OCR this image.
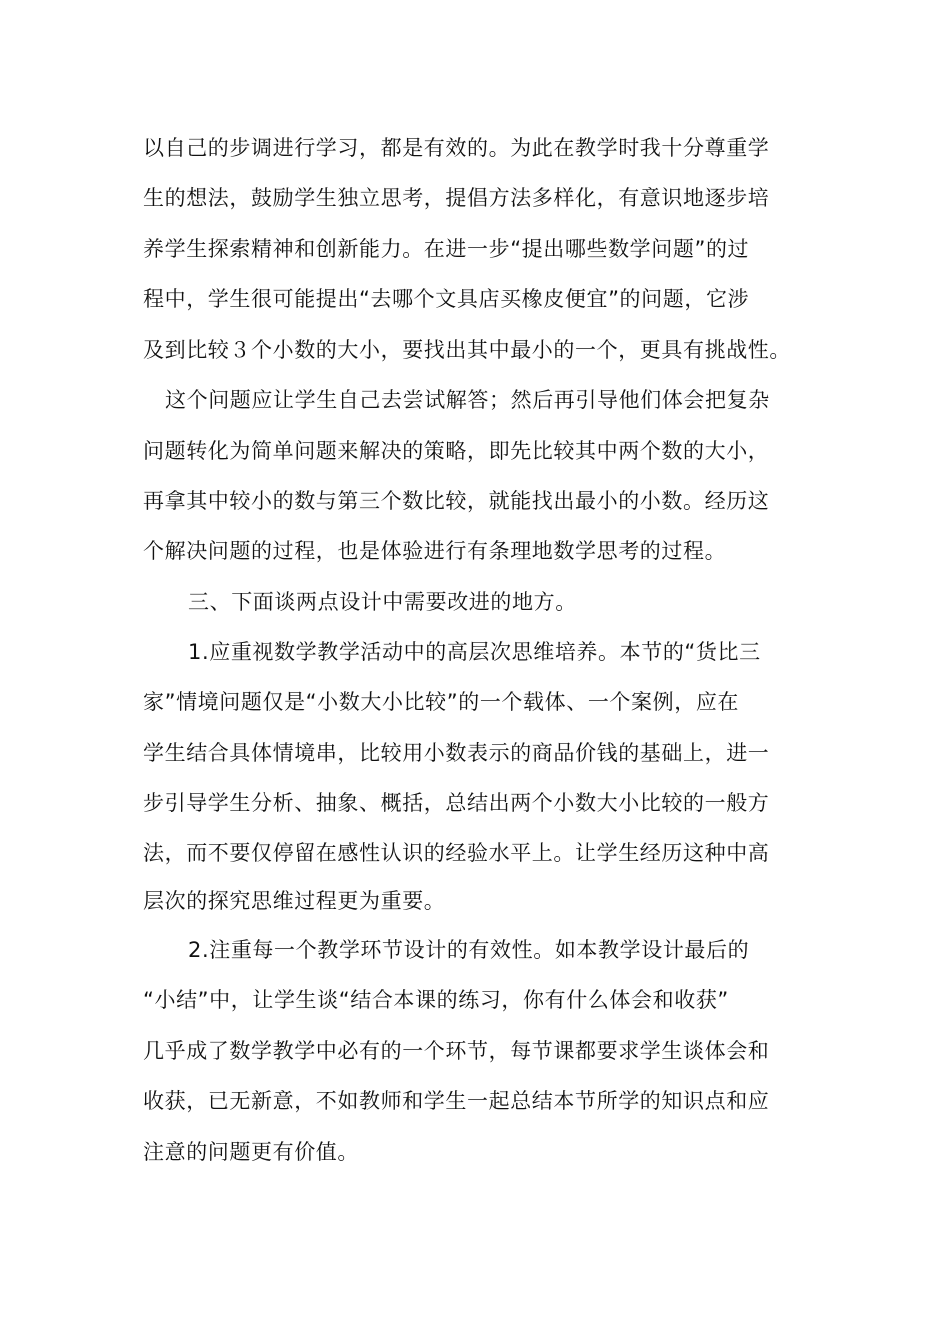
以自己的步调进行学习，都是有效的。为此在教学时我十分尊重学
生的想法，鼓励学生独立思考，提倡方法多样化，有意识地逐步培
养学生探索精神和创新能力。在进一步“提出哪些数学问题”的过
程中，学生很可能提出“去哪个文具店买橡皮便宜”的问题，它涉
及到比较３个小数的大小，要找出其中最小的一个，更具有挑战性。
这个问题应让学生自己去尝试解答；然后再引导他们体会把复杂
问题转化为简单问题来解决的策略，即先比较其中两个数的大小，
再拿其中较小的数与第三个数比较，就能找出最小的小数。经历这
个解决问题的过程，也是体验进行有条理地数学思考的过程。
三、下面谈两点设计中需要改进的地方。
1.应重视数学教学活动中的高层次思维培养。本节的“货比三
家”情境问题仅是“小数大小比较”的一个载体、一个案例，应在
学生结合具体情境串，比较用小数表示的商品价钱的基础上，进一
步引导学生分析、抽象、概括，总结出两个小数大小比较的一般方
法，而不要仅停留在感性认识的经验水平上。让学生经历这种中高
层次的探究思维过程更为重要。
2.注重每一个教学环节设计的有效性。如本教学设计最后的
“小结”中，让学生谈“结合本课的练习，你有什么体会和收获”
几乎成了数学教学中必有的一个环节，每节课都要求学生谈体会和
收获，已无新意，不如教师和学生一起总结本节所学的知识点和应
注意的问题更有价值。
